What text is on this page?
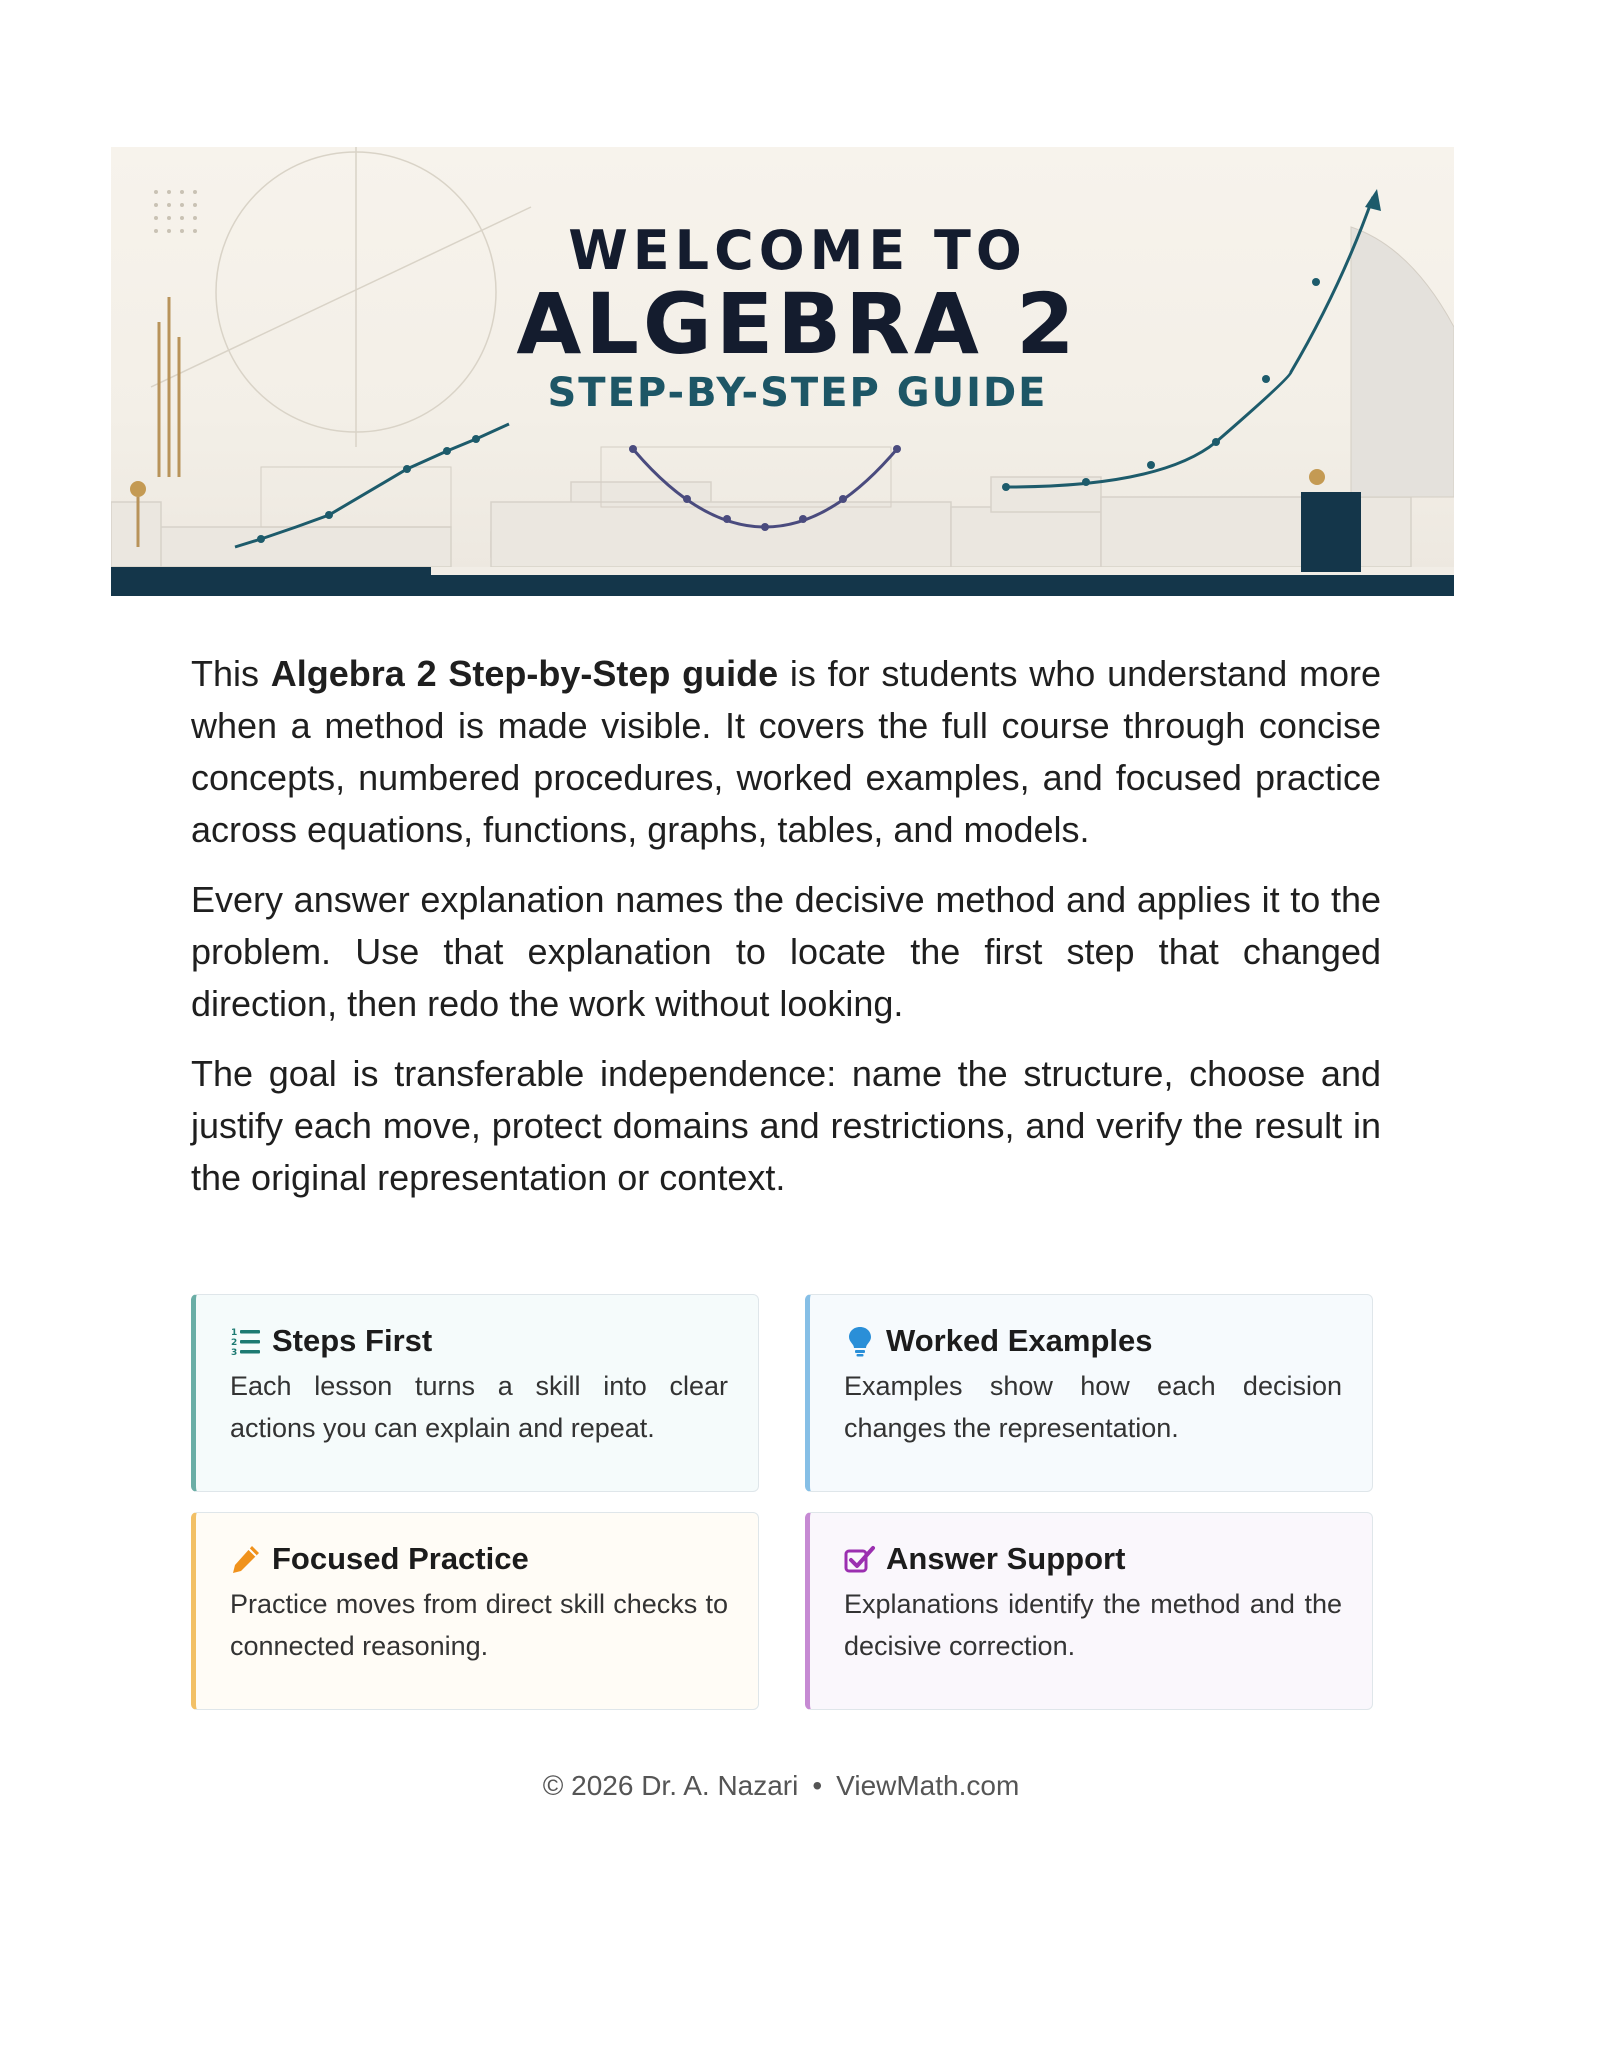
WELCOME TO
ALGEBRA 2
STEP-BY-STEP GUIDE

This Algebra 2 Step-by-Step guide is for students who understand more when a method is made visible. It covers the full course through concise concepts, numbered procedures, worked examples, and focused practice across equations, functions, graphs, tables, and models.

Every answer explanation names the decisive method and applies it to the problem. Use that explanation to locate the first step that changed direction, then redo the work without looking.

The goal is transferable independence: name the structure, choose and justify each move, protect domains and restrictions, and verify the result in the original representation or context.

1
2
3 Steps First
Each lesson turns a skill into clear actions you can explain and repeat.
Worked Examples
Examples show how each decision changes the representation.
Focused Practice
Practice moves from direct skill checks to connected reasoning.
Answer Support
Explanations identify the method and the decisive correction.
© 2026 Dr. A. Nazari • ViewMath.com
